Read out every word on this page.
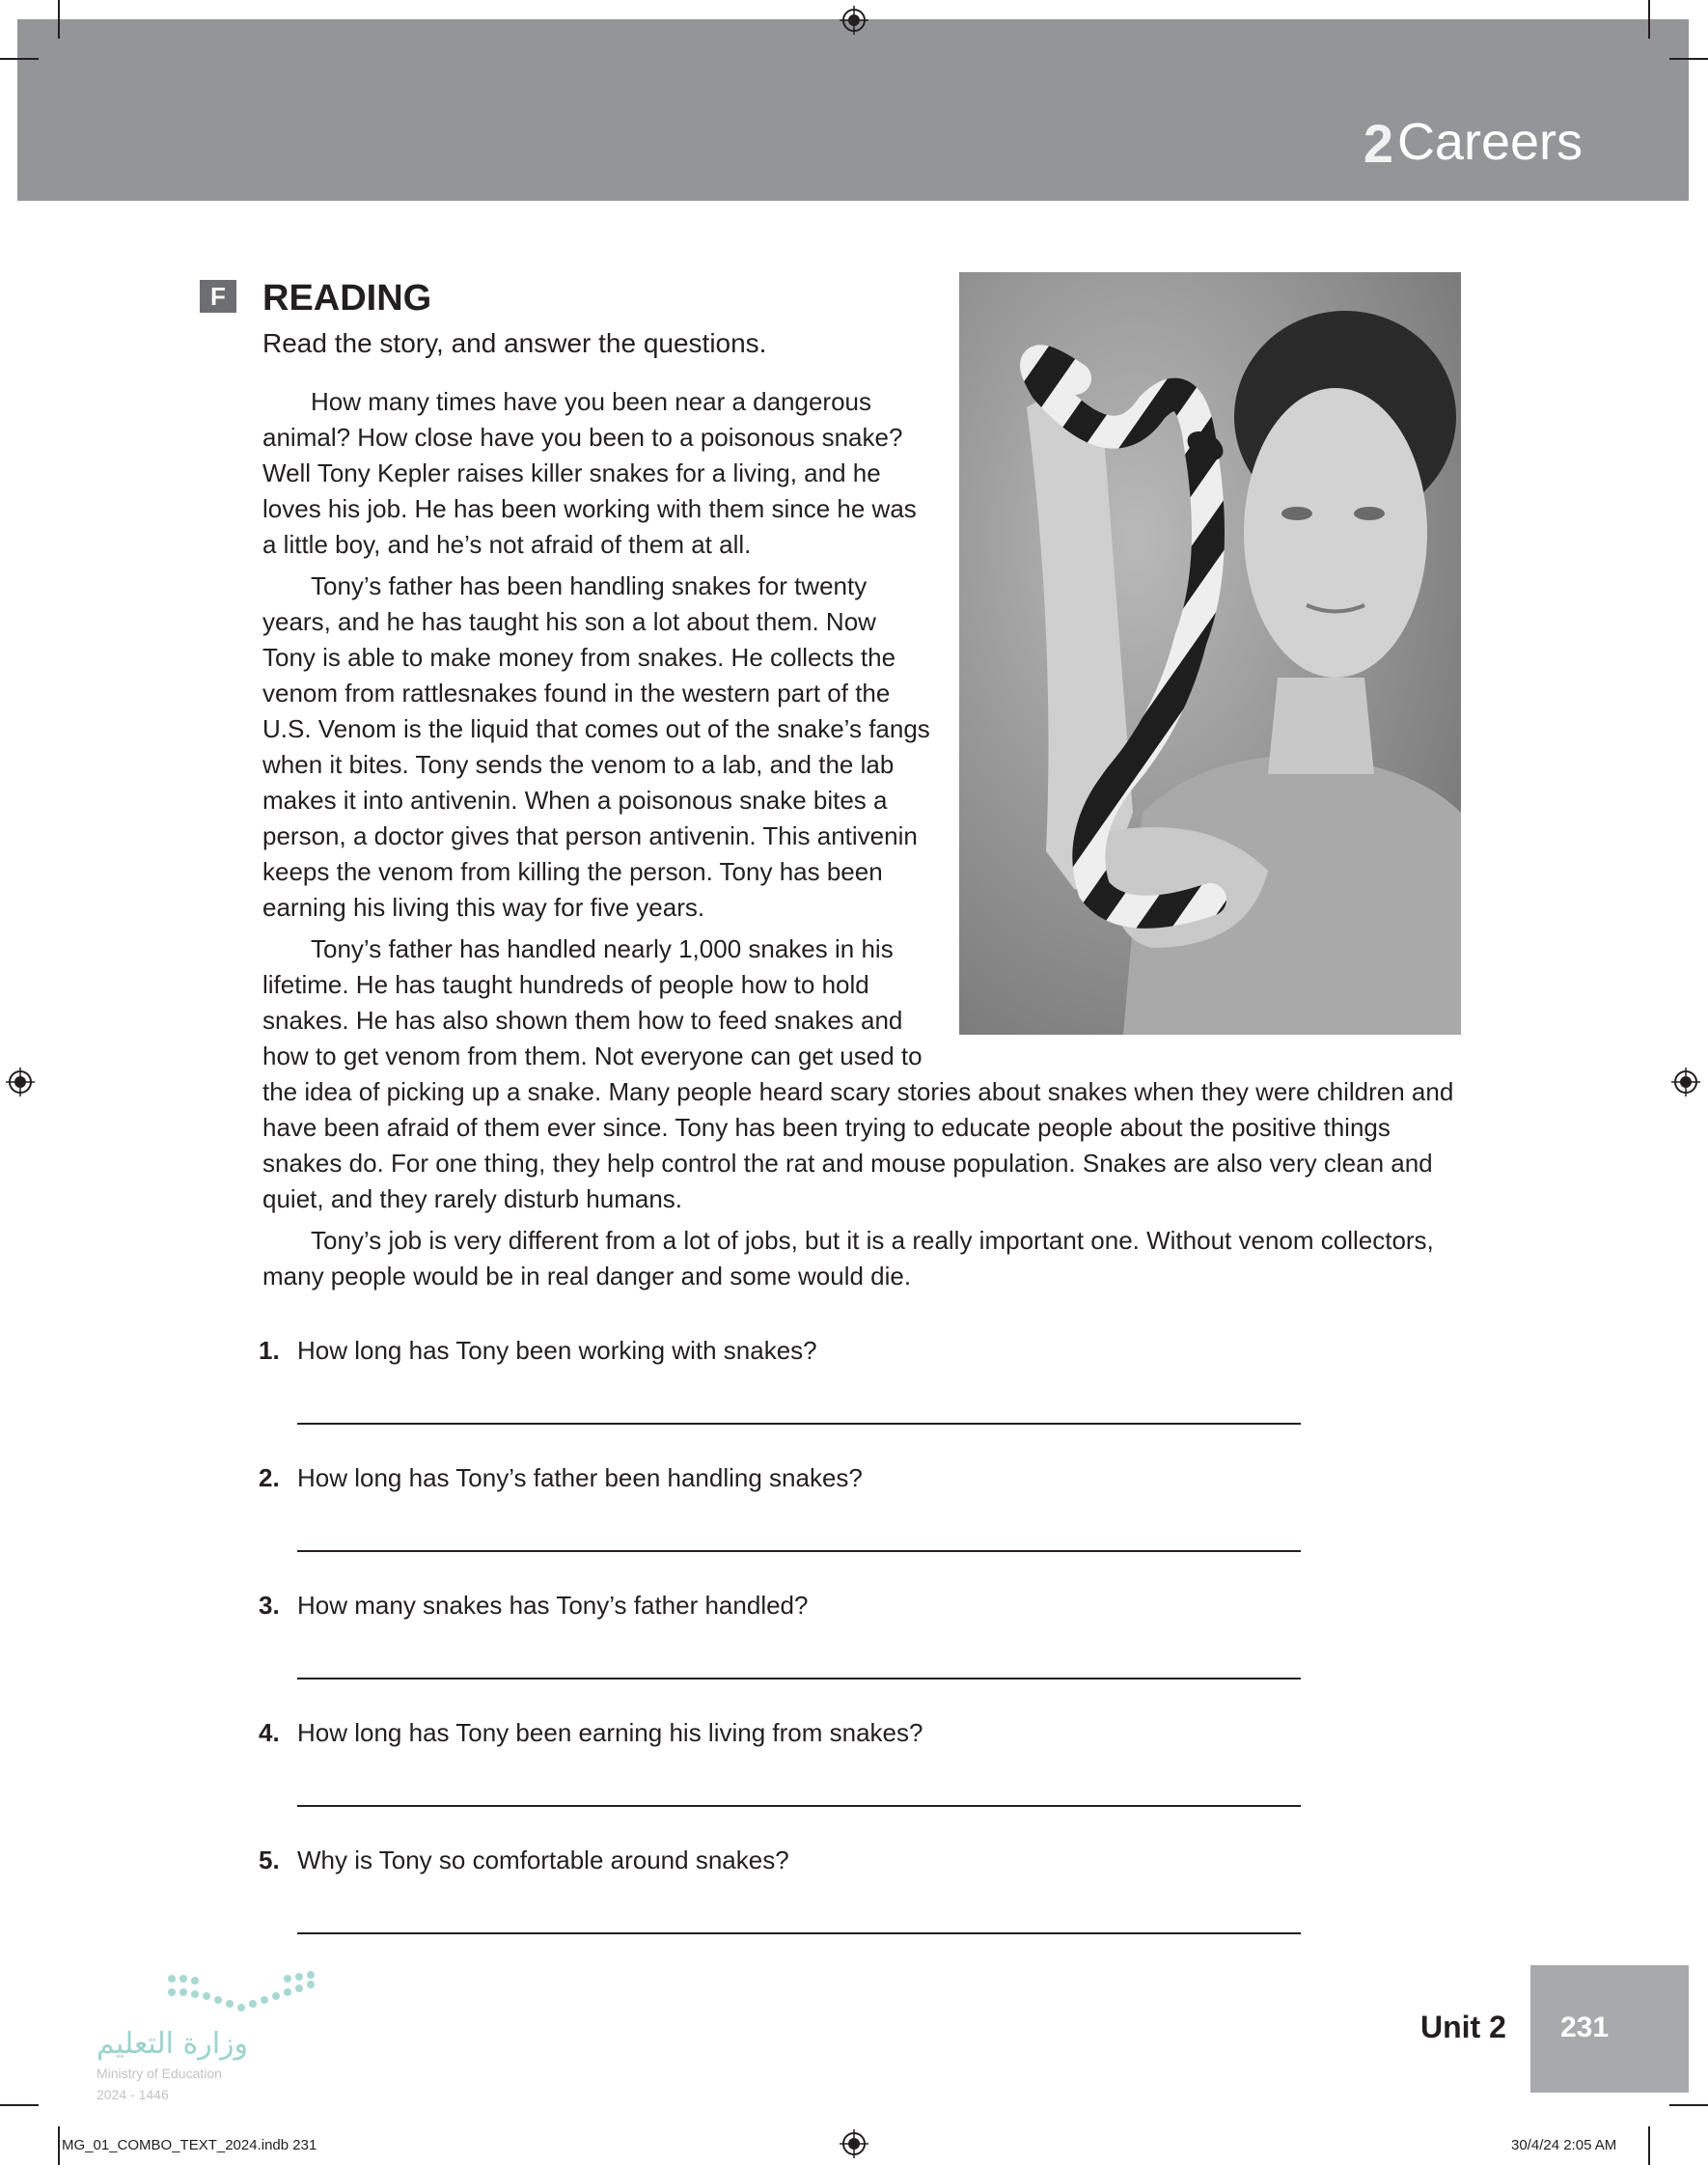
2 Careers
F READING
Read the story, and answer the questions.

How many times have you been near a dangerous animal? How close have you been to a poisonous snake? Well Tony Kepler raises killer snakes for a living, and he loves his job. He has been working with them since he was a little boy, and he’s not afraid of them at all.

Tony’s father has been handling snakes for twenty years, and he has taught his son a lot about them. Now Tony is able to make money from snakes. He collects the venom from rattlesnakes found in the western part of the U.S. Venom is the liquid that comes out of the snake’s fangs when it bites. Tony sends the venom to a lab, and the lab makes it into antivenin. When a poisonous snake bites a person, a doctor gives that person antivenin. This antivenin keeps the venom from killing the person. Tony has been earning his living this way for five years.

Tony’s father has handled nearly 1,000 snakes in his lifetime. He has taught hundreds of people how to hold snakes. He has also shown them how to feed snakes and how to get venom from them. Not everyone can get used to the idea of picking up a snake. Many people heard scary stories about snakes when they were children and have been afraid of them ever since. Tony has been trying to educate people about the positive things snakes do. For one thing, they help control the rat and mouse population. Snakes are also very clean and quiet, and they rarely disturb humans.

Tony’s job is very different from a lot of jobs, but it is a really important one. Without venom collectors, many people would be in real danger and some would die.

1. How long has Tony been working with snakes?
2. How long has Tony’s father been handling snakes?
3. How many snakes has Tony’s father handled?
4. How long has Tony been earning his living from snakes?
5. Why is Tony so comfortable around snakes?
231
Unit 2
وزارة التعليم
Ministry of Education
2024 - 1446
MG_01_COMBO_TEXT_2024.indb 231	30/4/24 2:05 AM
